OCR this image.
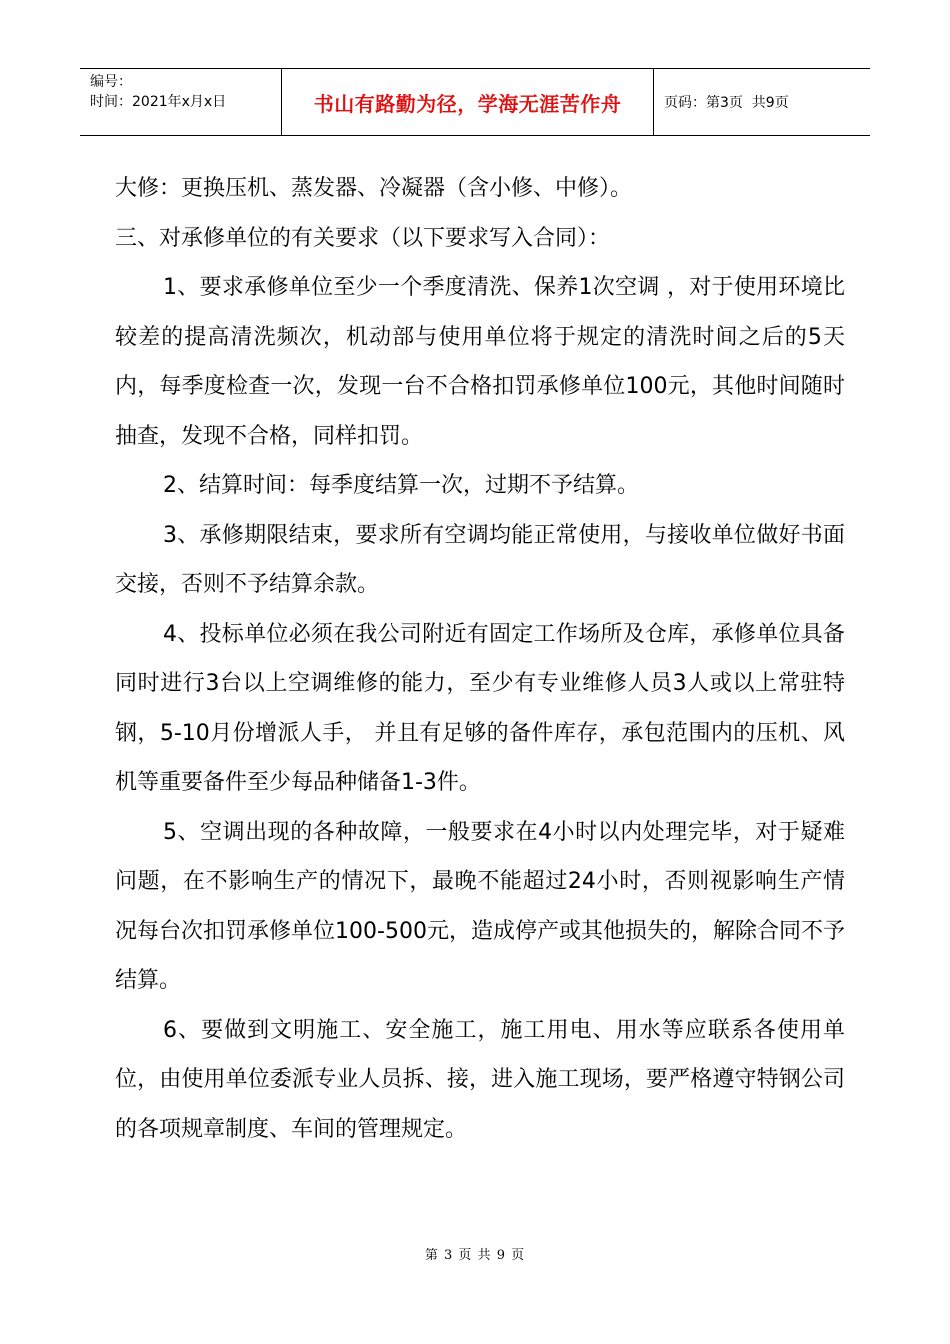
编号：
时间：2021年x月x日	书山有路勤为径，学海无涯苦作舟	页码：第3页  共9页

大修：更换压机、蒸发器、冷凝器（含小修、中修）。

三、对承修单位的有关要求（以下要求写入合同）：

1、要求承修单位至少一个季度清洗、保养1次空调 ，对于使用环境比较差的提高清洗频次，机动部与使用单位将于规定的清洗时间之后的5天内，每季度检查一次，发现一台不合格扣罚承修单位100元，其他时间随时抽查，发现不合格，同样扣罚。

2、结算时间：每季度结算一次，过期不予结算。

3、承修期限结束，要求所有空调均能正常使用，与接收单位做好书面交接，否则不予结算余款。

4、投标单位必须在我公司附近有固定工作场所及仓库，承修单位具备同时进行3台以上空调维修的能力，至少有专业维修人员3人或以上常驻特钢，5-10月份增派人手， 并且有足够的备件库存，承包范围内的压机、风机等重要备件至少每品种储备1-3件。

5、空调出现的各种故障，一般要求在4小时以内处理完毕，对于疑难问题，在不影响生产的情况下，最晚不能超过24小时，否则视影响生产情况每台次扣罚承修单位100-500元，造成停产或其他损失的，解除合同不予结算。

6、要做到文明施工、安全施工，施工用电、用水等应联系各使用单位，由使用单位委派专业人员拆、接，进入施工现场，要严格遵守特钢公司的各项规章制度、车间的管理规定。

第 3 页 共 9 页
